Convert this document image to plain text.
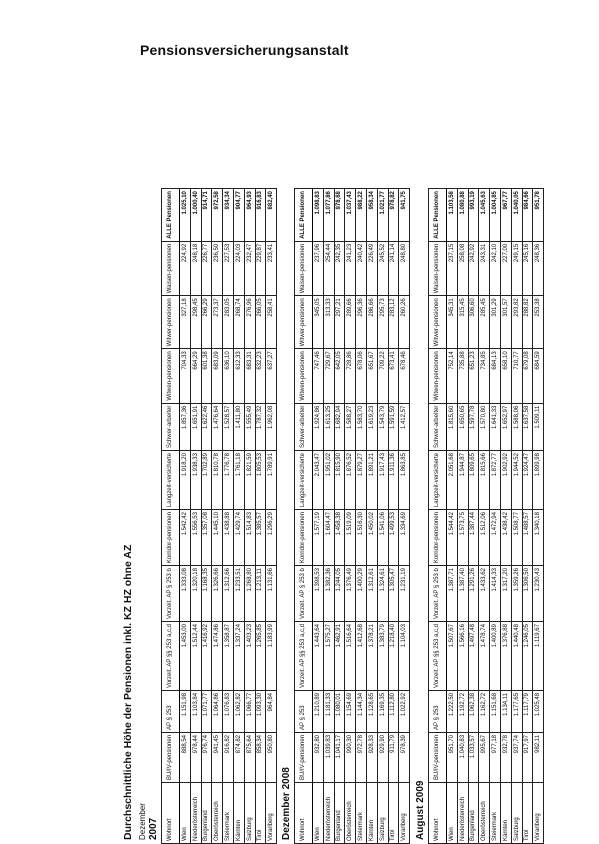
Pensionsversicherungsanstalt
Durchschnittliche Höhe der Pensionen inkl. KZ HZ ohne AZ Dezember 2007 Wohnort	BU/IV-pensionen	AP § 253	Vorzeit. AP §§ 253 a,c,d	Vorzeit. AP § 253 b	Korridor-pensionen	Langzeit-versicherte	Schwer-arbeiter	Witwen-pensionen	Witwer-pensionen	Waisen-pensionen	ALLE Pensionen
Wien	888,54	1.151,98	1.453,00	1.333,08	1.542,42	1.918,20	1.857,36	704,33	327,18	224,92	1.025,10
Niederösterreich	978,44	1.103,84	1.512,44	1.320,18	1.556,53	1.938,33	1.651,91	664,29	298,45	248,18	1.000,40
Burgenland	976,74	1.071,77	1.416,92	1.168,35	1.357,08	1.702,89	1.622,46	601,38	266,29	226,77	914,71
Oberösterreich	941,45	1.064,86	1.474,86	1.326,66	1.445,10	1.810,78	1.476,64	683,09	273,37	236,50	972,58
Steiermark	916,82	1.076,83	1.358,87	1.312,66	1.438,88	1.776,78	1.528,57	636,10	283,05	227,53	934,34
Kärnten	874,82	1.062,82	1.337,24	1.233,51	1.429,74	1.761,18	1.411,80	612,33	268,74	224,03	904,77
Salzburg	875,64	1.066,77	1.403,23	1.268,80	1.514,83	1.821,59	1.555,49	683,31	276,96	232,47	964,93
Tirol	858,34	1.093,30	1.265,85	1.213,11	1.385,57	1.805,53	1.787,32	632,23	266,05	229,87	916,83
Vorarlberg	950,80	964,84	1.183,99	1.131,66	1.296,29	1.789,91	1.962,08	637,27	258,41	233,41	882,40
Dezember 2008
Wohnort	BU/IV-pensionen	AP § 253	Vorzeit. AP §§ 253 a,c,d	Vorzeit. AP § 253 b	Korridor-pensionen	Langzeit-versicherte	Schwer-arbeiter	Witwen-pensionen	Witwer-pensionen	Waisen-pensionen	ALLE Pensionen
Wien	932,80	1.210,89	1.443,64	1.398,53	1.577,19	2.043,47	1.924,86	747,46	345,05	237,96	1.098,83
Niederösterreich	1.039,83	1.181,33	1.575,27	1.382,36	1.604,47	1.951,02	1.613,25	729,67	313,33	254,44	1.077,86
Burgenland	1.041,17	1.080,01	1.462,91	1.244,05	1.458,38	1.815,90	1.682,94	642,05	297,21	242,35	978,68
Oberösterreich	990,30	1.154,69	1.516,64	1.376,49	1.519,09	1.876,52	1.588,27	728,86	289,66	241,23	1.037,43
Steiermark	972,78	1.144,34	1.412,68	1.400,29	1.516,30	1.879,27	1.583,70	678,06	296,36	240,42	988,22
Kärnten	928,33	1.128,65	1.378,21	1.312,61	1.450,02	1.891,21	1.619,23	651,67	286,66	226,49	958,34
Salzburg	929,90	1.169,35	1.383,79	1.324,61	1.541,06	1.917,43	1.543,79	709,22	295,73	245,52	1.021,77
Tirol	911,79	1.112,80	1.218,40	1.305,47	1.499,53	1.911,36	1.591,59	673,41	283,12	241,14	978,82
Vorarlberg	978,39	1.022,92	1.104,03	1.231,19	1.334,69	1.863,85	1.412,57	678,46	260,26	248,80	941,75
August 2009
Wohnort	BU/IV-pensionen	AP § 253	Vorzeit. AP §§ 253 a,c,d	Vorzeit. AP § 253 b	Korridor-pensionen	Langzeit-versicherte	Schwer-arbeiter	Witwen-pensionen	Witwer-pensionen	Waisen-pensionen	ALLE Pensionen
Wien	951,70	1.222,50	1.507,67	1.387,71	1.544,42	2.051,68	1.815,60	752,14	345,31	237,15	1.103,58
Niederösterreich	1.040,83	1.192,72	1.566,16	1.387,40	1.573,75	1.944,87	1.650,65	735,88	315,45	258,08	1.080,88
Burgenland	1.033,57	1.062,38	1.497,48	1.291,26	1.387,44	1.809,65	1.597,78	651,23	306,60	242,92	993,19
Oberösterreich	995,67	1.162,72	1.478,74	1.433,62	1.512,06	1.815,66	1.570,80	734,85	285,45	243,31	1.045,63
Steiermark	977,18	1.151,68	1.400,89	1.414,33	1.472,94	1.872,77	1.641,33	684,13	301,29	242,10	1.004,85
Kärnten	932,78	1.134,11	1.376,88	1.317,20	1.438,42	1.902,92	1.652,97	658,10	301,57	227,00	967,77
Salzburg	937,74	1.177,65	1.440,48	1.359,26	1.508,77	1.944,52	1.588,06	710,77	293,82	249,15	1.040,05
Tirol	917,97	1.117,79	1.246,05	1.306,50	1.488,57	1.924,47	1.637,58	679,08	288,82	245,16	984,66
Vorarlberg	982,11	1.025,48	1.119,67	1.230,43	1.340,18	1.899,98	1.509,11	684,59	253,38	248,36	951,78
